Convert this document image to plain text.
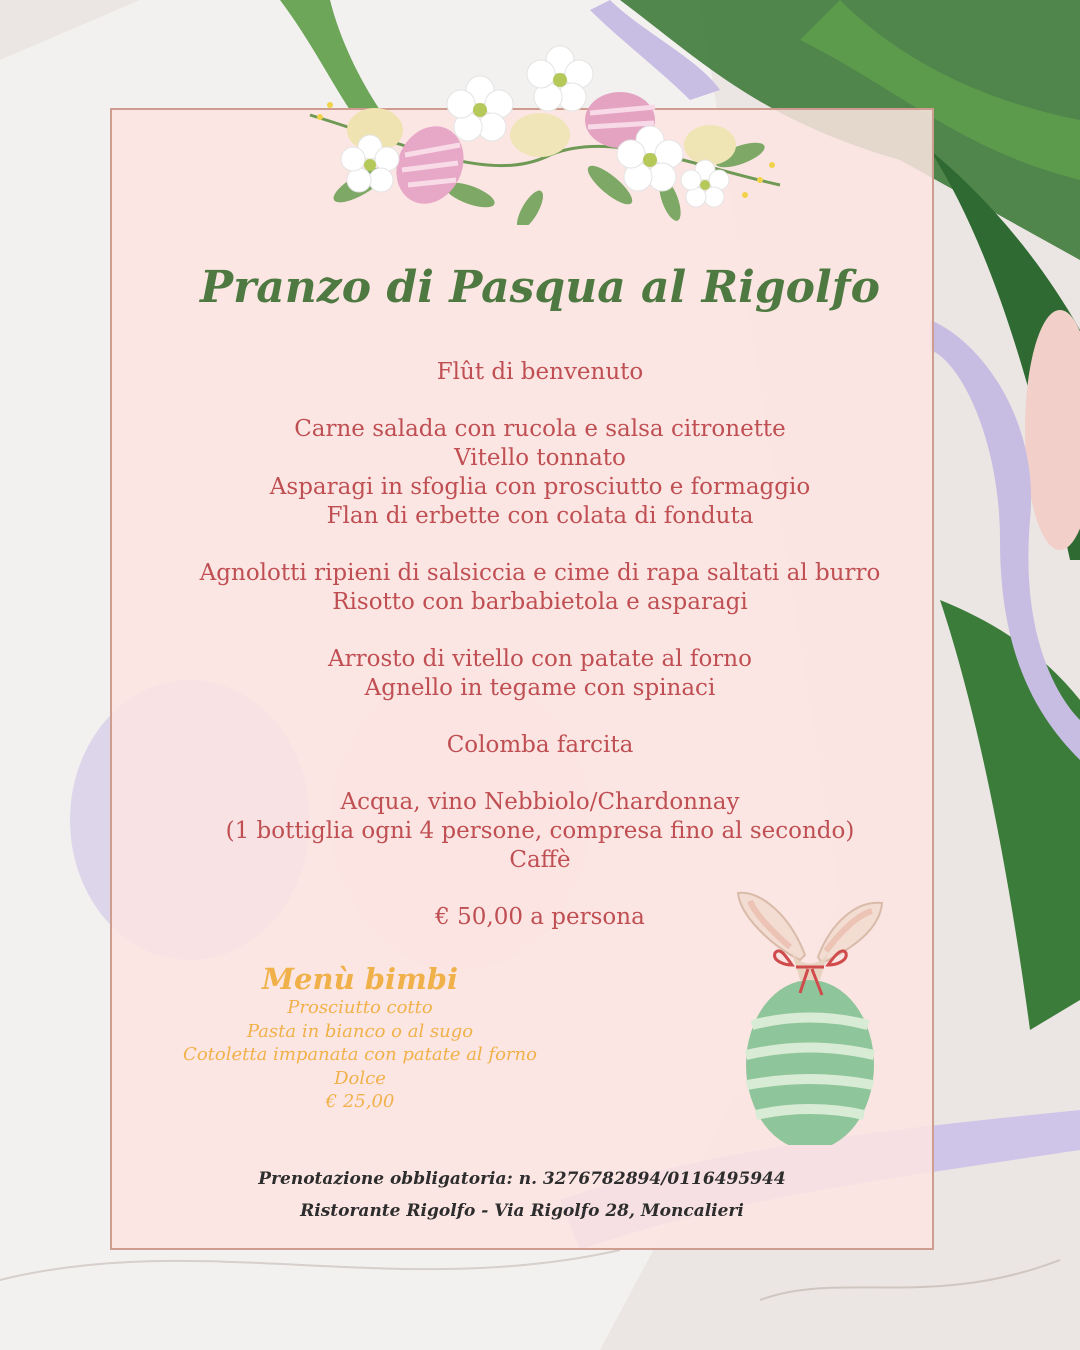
Pranzo di Pasqua al Rigolfo
Flût di benvenuto
Carne salada con rucola e salsa citronette
Vitello tonnato
Asparagi in sfoglia con prosciutto e formaggio
Flan di erbette con colata di fonduta
Agnolotti ripieni di salsiccia e cime di rapa saltati al burro
Risotto con barbabietola e asparagi
Arrosto di vitello con patate al forno
Agnello in tegame con spinaci
Colomba farcita
Acqua, vino Nebbiolo/Chardonnay
(1 bottiglia ogni 4 persone, compresa fino al secondo)
Caffè
€ 50,00 a persona
Menù bimbi
Prosciutto cotto
Pasta in bianco o al sugo
Cotoletta impanata con patate al forno
Dolce
€ 25,00
Prenotazione obbligatoria: n. 3276782894/0116495944
Ristorante Rigolfo - Via Rigolfo 28, Moncalieri
